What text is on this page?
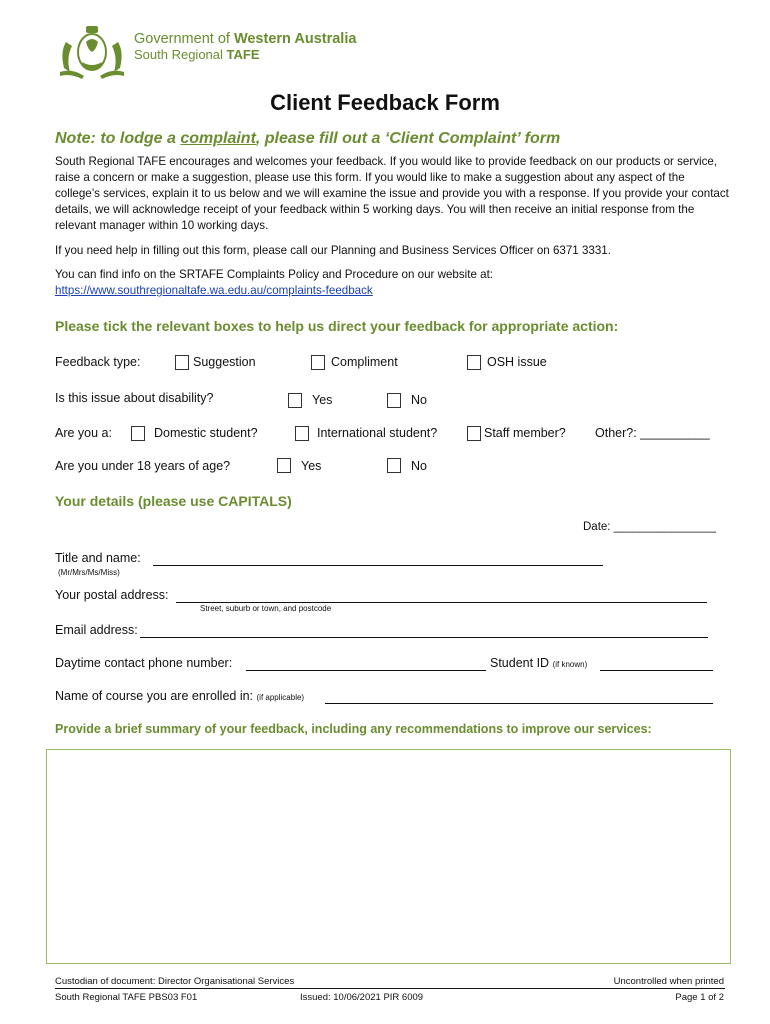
Government of Western Australia
South Regional TAFE
Client Feedback Form
Note: to lodge a complaint, please fill out a ‘Client Complaint’ form
South Regional TAFE encourages and welcomes your feedback. If you would like to provide feedback on our products or service, raise a concern or make a suggestion, please use this form. If you would like to make a suggestion about any aspect of the college’s services, explain it to us below and we will examine the issue and provide you with a response. If you provide your contact details, we will acknowledge receipt of your feedback within 5 working days. You will then receive an initial response from the relevant manager within 10 working days.
If you need help in filling out this form, please call our Planning and Business Services Officer on 6371 3331.
You can find info on the SRTAFE Complaints Policy and Procedure on our website at:
https://www.southregionaltafe.wa.edu.au/complaints-feedback
Please tick the relevant boxes to help us direct your feedback for appropriate action:
Feedback type:	Suggestion	Compliment	OSH issue
Is this issue about disability?	Yes	No
Are you a:	Domestic student?	International student?	Staff member? Other?: __________
Are you under 18 years of age?	Yes	No
Your details (please use CAPITALS)
Date: ________________
Title and name:
(Mr/Mrs/Ms/Miss)
Your postal address:
Street, suburb or town, and postcode
Email address:
Daytime contact phone number:	Student ID (if known)
Name of course you are enrolled in: (if applicable)
Provide a brief summary of your feedback, including any recommendations to improve our services:
Custodian of document: Director Organisational Services	Uncontrolled when printed
South Regional TAFE PBS03 F01	Issued: 10/06/2021 PIR 6009	Page 1 of 2
